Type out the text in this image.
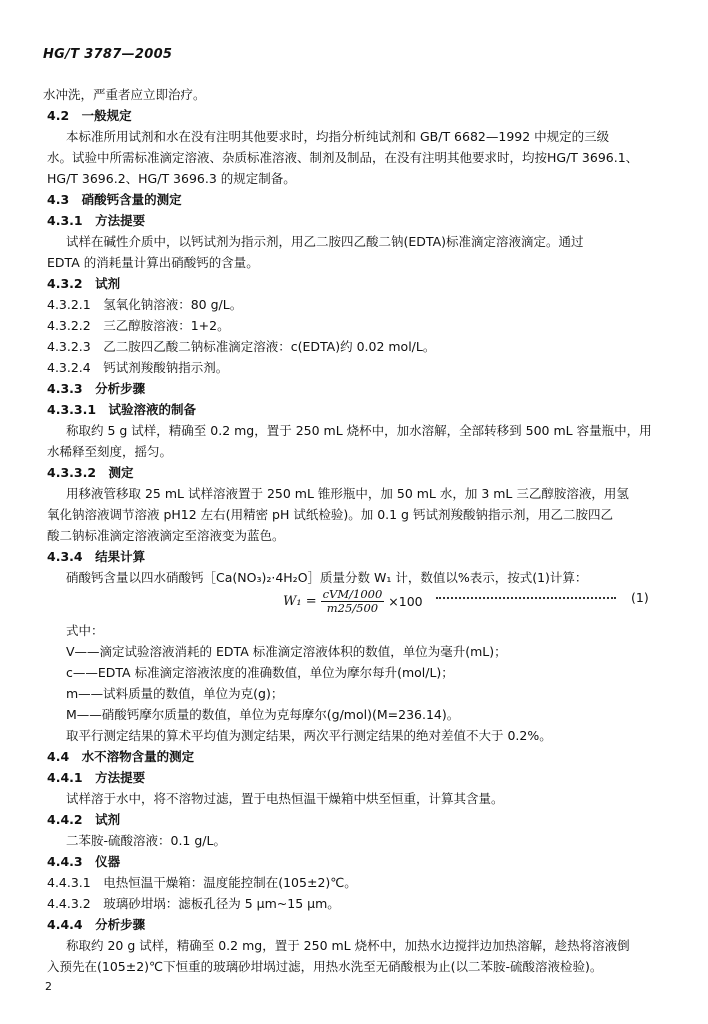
HG/T 3787—2005
水冲洗，严重者应立即治疗。
4.2　一般规定
本标准所用试剂和水在没有注明其他要求时，均指分析纯试剂和 GB/T 6682—1992 中规定的三级
水。试验中所需标准滴定溶液、杂质标准溶液、制剂及制品，在没有注明其他要求时，均按HG/T 3696.1、
HG/T 3696.2、HG/T 3696.3 的规定制备。
4.3　硝酸钙含量的测定
4.3.1　方法提要
试样在碱性介质中，以钙试剂为指示剂，用乙二胺四乙酸二钠(EDTA)标准滴定溶液滴定。通过
EDTA 的消耗量计算出硝酸钙的含量。
4.3.2　试剂
4.3.2.1　氢氧化钠溶液：80 g/L。
4.3.2.2　三乙醇胺溶液：1+2。
4.3.2.3　乙二胺四乙酸二钠标准滴定溶液：c(EDTA)约 0.02 mol/L。
4.3.2.4　钙试剂羧酸钠指示剂。
4.3.3　分析步骤
4.3.3.1　试验溶液的制备
称取约 5 g 试样，精确至 0.2 mg，置于 250 mL 烧杯中，加水溶解，全部转移到 500 mL 容量瓶中，用
水稀释至刻度，摇匀。
4.3.3.2　测定
用移液管移取 25 mL 试样溶液置于 250 mL 锥形瓶中，加 50 mL 水，加 3 mL 三乙醇胺溶液，用氢
氧化钠溶液调节溶液 pH12 左右(用精密 pH 试纸检验)。加 0.1 g 钙试剂羧酸钠指示剂，用乙二胺四乙
酸二钠标准滴定溶液滴定至溶液变为蓝色。
4.3.4　结果计算
硝酸钙含量以四水硝酸钙［Ca(NO₃)₂·4H₂O］质量分数 W₁ 计，数值以%表示，按式(1)计算：
$W_1 = \frac{\text{cVM/1000}}{m25/500} \times 100$	(1)
式中：
V——滴定试验溶液消耗的 EDTA 标准滴定溶液体积的数值，单位为毫升(mL)；
c——EDTA 标准滴定溶液浓度的准确数值，单位为摩尔每升(mol/L)；
m——试料质量的数值，单位为克(g)；
M——硝酸钙摩尔质量的数值，单位为克每摩尔(g/mol)(M=236.14)。
取平行测定结果的算术平均值为测定结果，两次平行测定结果的绝对差值不大于 0.2%。
4.4　水不溶物含量的测定
4.4.1　方法提要
试样溶于水中，将不溶物过滤，置于电热恒温干燥箱中烘至恒重，计算其含量。
4.4.2　试剂
二苯胺-硫酸溶液：0.1 g/L。
4.4.3　仪器
4.4.3.1　电热恒温干燥箱：温度能控制在(105±2)℃。
4.4.3.2　玻璃砂坩埚：滤板孔径为 5 μm~15 μm。
4.4.4　分析步骤
称取约 20 g 试样，精确至 0.2 mg，置于 250 mL 烧杯中，加热水边搅拌边加热溶解，趁热将溶液倒
入预先在(105±2)℃下恒重的玻璃砂坩埚过滤，用热水洗至无硝酸根为止(以二苯胺-硫酸溶液检验)。
2
